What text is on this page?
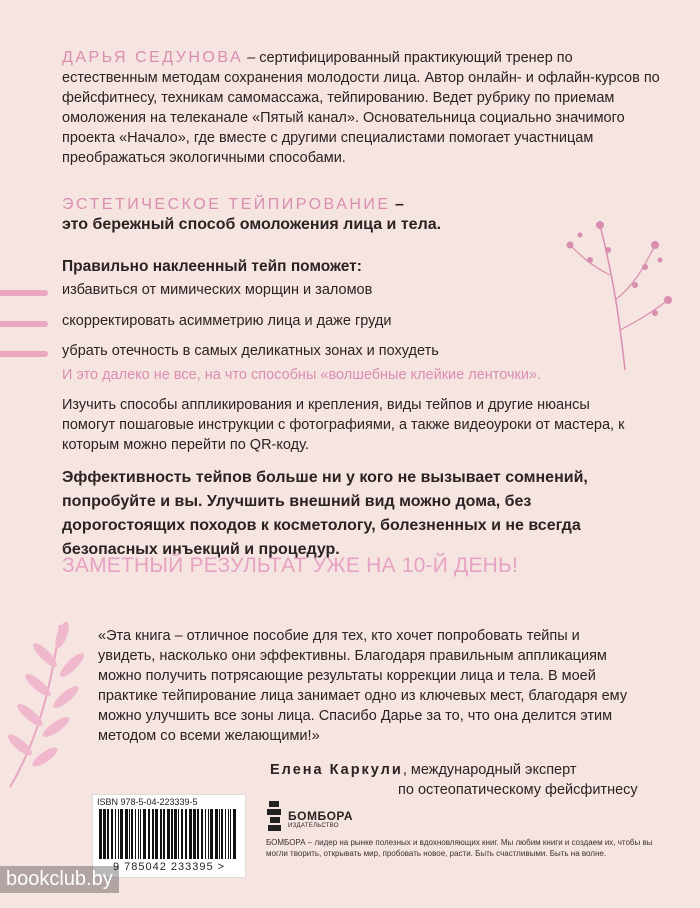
ДАРЬЯ СЕДУНОВА – сертифицированный практикующий тренер по естественным методам сохранения молодости лица. Автор онлайн- и офлайн-курсов по фейсфитнесу, техникам самомассажа, тейпированию. Ведет рубрику по приемам омоложения на телеканале «Пятый канал». Основательница социально значимого проекта «Начало», где вместе с другими специалистами помогает участницам преображаться экологичными способами.
ЭСТЕТИЧЕСКОЕ ТЕЙПИРОВАНИЕ –
это бережный способ омоложения лица и тела.
Правильно наклеенный тейп поможет:
избавиться от мимических морщин и заломов
скорректировать асимметрию лица и даже груди
убрать отечность в самых деликатных зонах и похудеть
И это далеко не все, на что способны «волшебные клейкие ленточки».
Изучить способы аппликирования и крепления, виды тейпов и другие нюансы помогут пошаговые инструкции с фотографиями, а также видеоуроки от мастера, к которым можно перейти по QR-коду.
Эффективность тейпов больше ни у кого не вызывает сомнений, попробуйте и вы. Улучшить внешний вид можно дома, без дорогостоящих походов к косметологу, болезненных и не всегда безопасных инъекций и процедур.
ЗАМЕТНЫЙ РЕЗУЛЬТАТ УЖЕ НА 10-Й ДЕНЬ!
«Эта книга – отличное пособие для тех, кто хочет попробовать тейпы и увидеть, насколько они эффективны. Благодаря правильным аппликациям можно получить потрясающие результаты коррекции лица и тела. В моей практике тейпирование лица занимает одно из ключевых мест, благодаря ему можно улучшить все зоны лица. Спасибо Дарье за то, что она делится этим методом со всеми желающими!»
Елена Каркули, международный эксперт
по остеопатическому фейсфитнесу
ISBN 978-5-04-223339-5
9 785042 233395 >
БОМБОРА
ИЗДАТЕЛЬСТВО
БОМБОРА – лидер на рынке полезных и вдохновляющих книг. Мы любим книги и создаем их, чтобы вы могли творить, открывать мир, пробовать новое, расти. Быть счастливыми. Быть на волне.
bookclub.by
